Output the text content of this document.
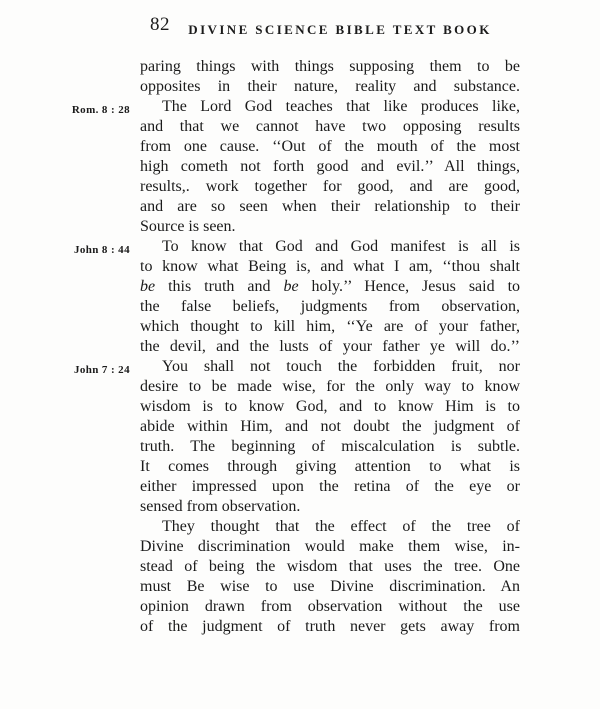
82	DIVINE SCIENCE BIBLE TEXT BOOK
paring things with things supposing them to be
opposites in their nature, reality and substance.
Rom. 8 : 28	The Lord God teaches that like produces like,
and that we cannot have two opposing results
from one cause. ‘‘Out of the mouth of the most
high cometh not forth good and evil.’’ All things,
results,. work together for good, and are good,
and are so seen when their relationship to their
Source is seen.
John 8 : 44	To know that God and God manifest is all is
to know what Being is, and what I am, ‘‘thou shalt
be this truth and be holy.’’ Hence, Jesus said to
the false beliefs, judgments from observation,
which thought to kill him, ‘‘Ye are of your father,
the devil, and the lusts of your father ye will do.’’
John 7 : 24	You shall not touch the forbidden fruit, nor
desire to be made wise, for the only way to know
wisdom is to know God, and to know Him is to
abide within Him, and not doubt the judgment of
truth. The beginning of miscalculation is subtle.
It comes through giving attention to what is
either impressed upon the retina of the eye or
sensed from observation.
They thought that the effect of the tree of
Divine discrimination would make them wise, in-
stead of being the wisdom that uses the tree. One
must Be wise to use Divine discrimination. An
opinion drawn from observation without the use
of the judgment of truth never gets away from
